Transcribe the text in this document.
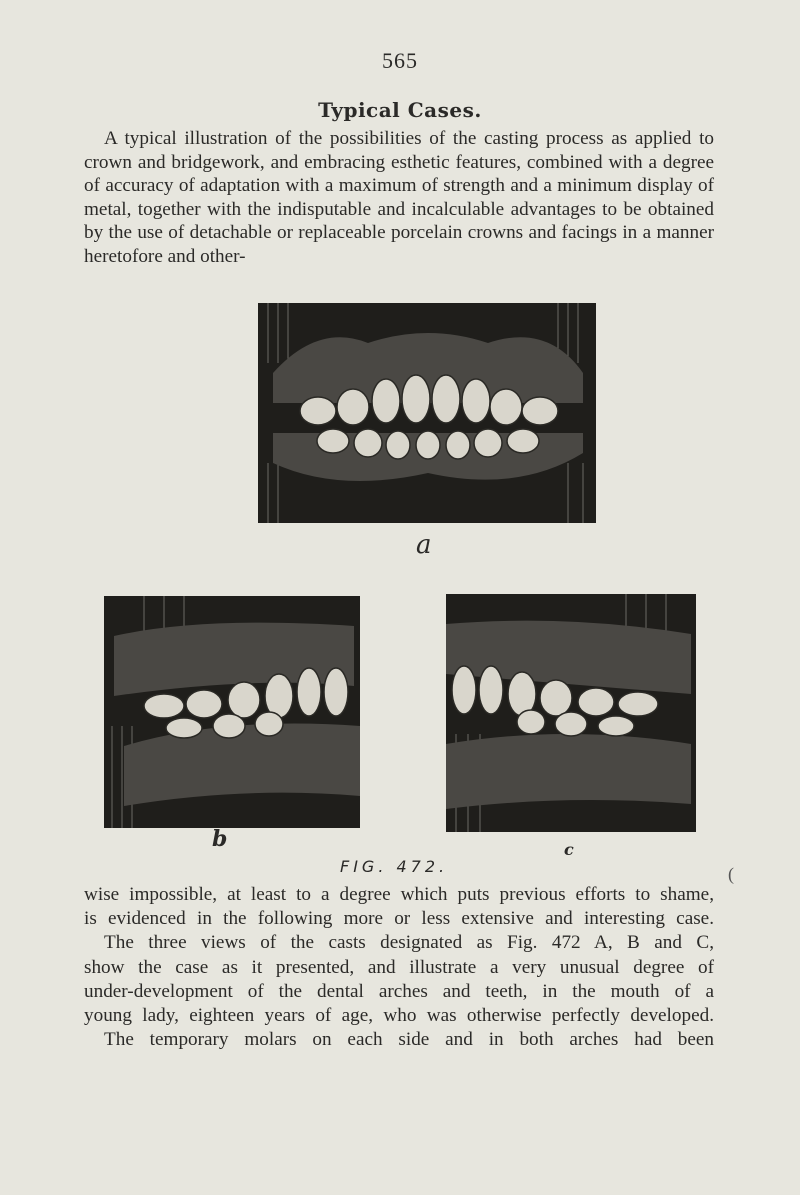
565
Typical Cases.
A typical illustration of the possibilities of the casting process as applied to crown and bridgework, and embracing esthetic features, combined with a degree of accuracy of adaptation with a maximum of strength and a minimum display of metal, together with the indisputable and incalculable advantages to be obtained by the use of detachable or replaceable porcelain crowns and facings in a manner heretofore and other-
a
b	c
FIG. 472.	(
wise impossible, at least to a degree which puts previous efforts to shame,
is evidenced in the following more or less extensive and interesting case.
The three views of the casts designated as Fig. 472 A, B and C,
show the case as it presented, and illustrate a very unusual degree of
under-development of the dental arches and teeth, in the mouth of a
young lady, eighteen years of age, who was otherwise perfectly developed.
The temporary molars on each side and in both arches had been
